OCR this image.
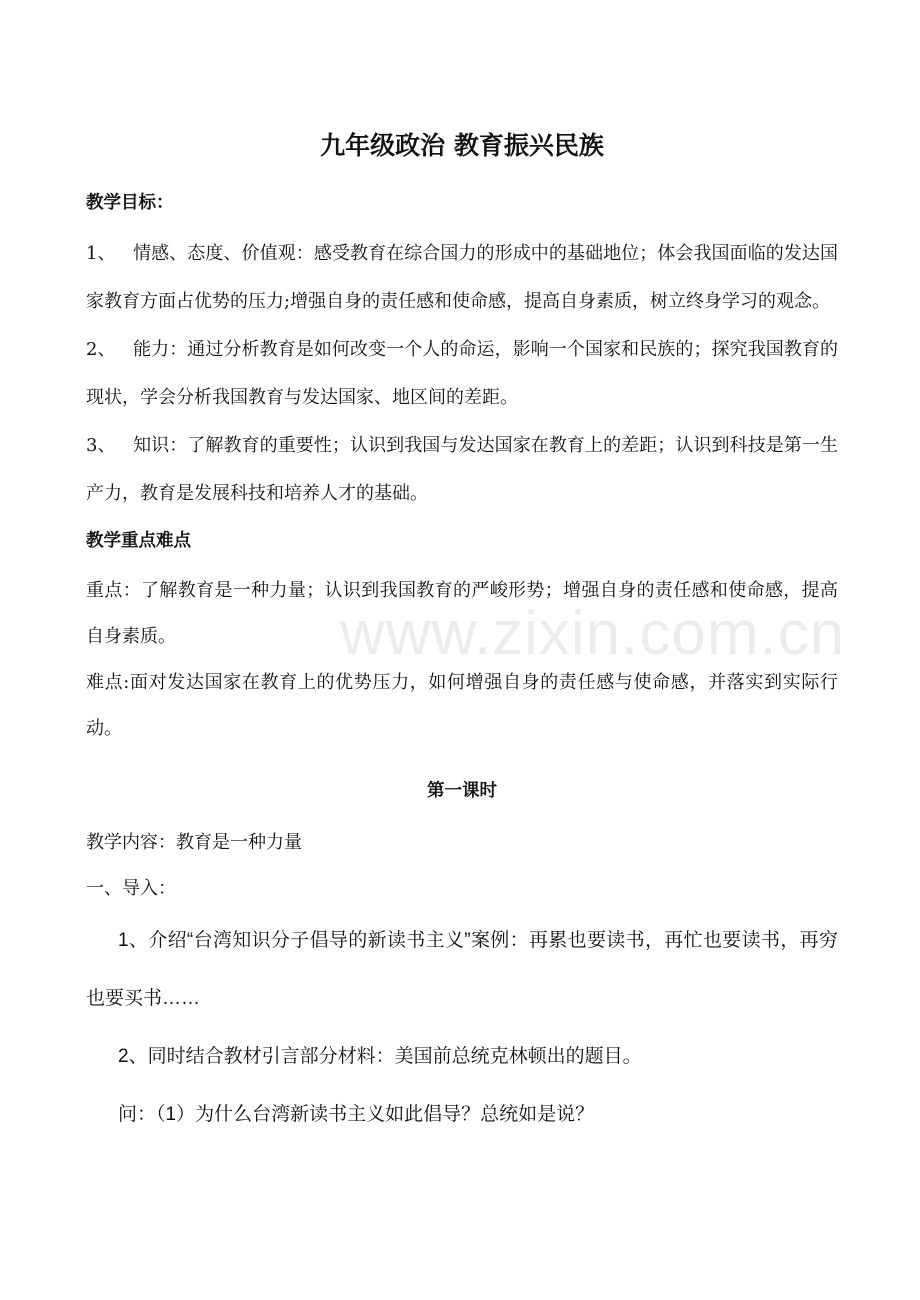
www.zixin.com.cn
九年级政治 教育振兴民族
教学目标：

1、 情感、态度、价值观：感受教育在综合国力的形成中的基础地位；体会我国面临的发达国家教育方面占优势的压力;增强自身的责任感和使命感，提高自身素质，树立终身学习的观念。

2、 能力：通过分析教育是如何改变一个人的命运，影响一个国家和民族的；探究我国教育的现状，学会分析我国教育与发达国家、地区间的差距。

3、 知识：了解教育的重要性；认识到我国与发达国家在教育上的差距；认识到科技是第一生产力，教育是发展科技和培养人才的基础。

教学重点难点

重点：了解教育是一种力量；认识到我国教育的严峻形势；增强自身的责任感和使命感，提高自身素质。

难点:面对发达国家在教育上的优势压力，如何增强自身的责任感与使命感，并落实到实际行动。

第一课时

教学内容：教育是一种力量

一、导入：

1、介绍“台湾知识分子倡导的新读书主义”案例：再累也要读书，再忙也要读书，再穷也要买书……

2、同时结合教材引言部分材料：美国前总统克林顿出的题目。

问：（1）为什么台湾新读书主义如此倡导？总统如是说？
